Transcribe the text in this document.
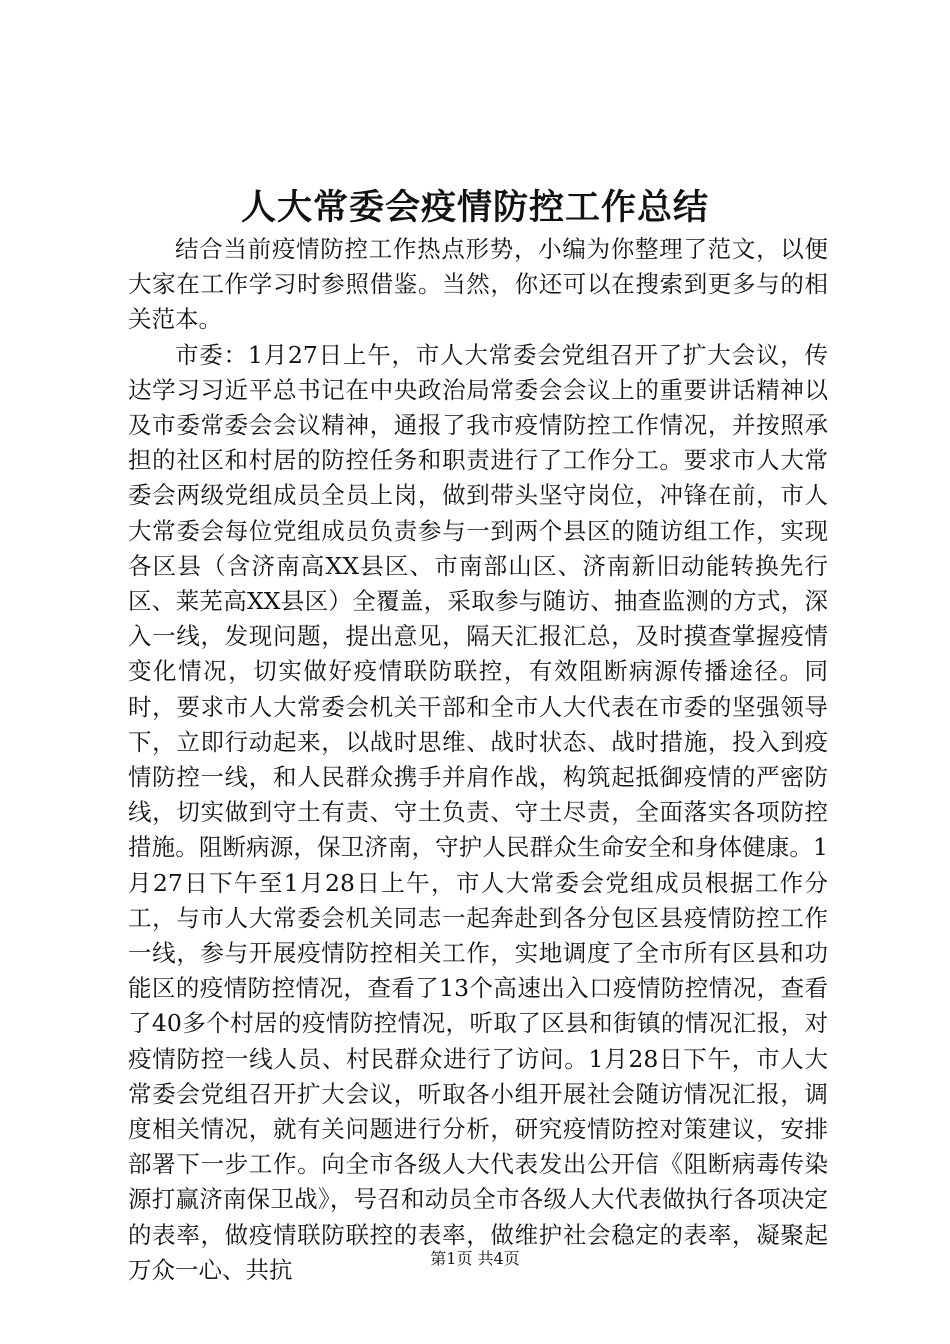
人大常委会疫情防控工作总结

结合当前疫情防控工作热点形势，小编为你整理了范文，以便大家在工作学习时参照借鉴。当然，你还可以在搜索到更多与的相关范本。

市委：1月27日上午，市人大常委会党组召开了扩大会议，传达学习习近平总书记在中央政治局常委会会议上的重要讲话精神以及市委常委会会议精神，通报了我市疫情防控工作情况，并按照承担的社区和村居的防控任务和职责进行了工作分工。要求市人大常委会两级党组成员全员上岗，做到带头坚守岗位，冲锋在前，市人大常委会每位党组成员负责参与一到两个县区的随访组工作，实现各区县（含济南高XX县区、市南部山区、济南新旧动能转换先行区、莱芜高XX县区）全覆盖，采取参与随访、抽查监测的方式，深入一线，发现问题，提出意见，隔天汇报汇总，及时摸查掌握疫情变化情况，切实做好疫情联防联控，有效阻断病源传播途径。同时，要求市人大常委会机关干部和全市人大代表在市委的坚强领导下，立即行动起来，以战时思维、战时状态、战时措施，投入到疫情防控一线，和人民群众携手并肩作战，构筑起抵御疫情的严密防线，切实做到守土有责、守土负责、守土尽责，全面落实各项防控措施。阻断病源，保卫济南，守护人民群众生命安全和身体健康。1月27日下午至1月28日上午，市人大常委会党组成员根据工作分工，与市人大常委会机关同志一起奔赴到各分包区县疫情防控工作一线，参与开展疫情防控相关工作，实地调度了全市所有区县和功能区的疫情防控情况，查看了13个高速出入口疫情防控情况，查看了40多个村居的疫情防控情况，听取了区县和街镇的情况汇报，对疫情防控一线人员、村民群众进行了访问。1月28日下午，市人大常委会党组召开扩大会议，听取各小组开展社会随访情况汇报，调度相关情况，就有关问题进行分析，研究疫情防控对策建议，安排部署下一步工作。向全市各级人大代表发出公开信《阻断病毒传染源打赢济南保卫战》，号召和动员全市各级人大代表做执行各项决定的表率，做疫情联防联控的表率，做维护社会稳定的表率，凝聚起万众一心、共抗	第1页 共4页
